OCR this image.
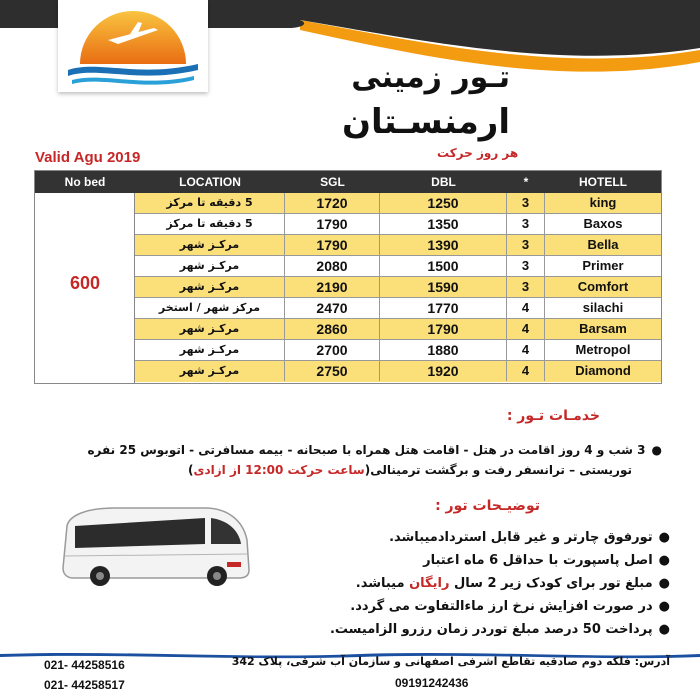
تـور زمینی
ارمنسـتان
هر روز حرکت
Valid Agu 2019
No bed	LOCATION	SGL	DBL	*	HOTELL
600
5 دقیقه تا مرکز	1720	1250	3	king
5 دقیقه تا مرکز	1790	1350	3	Baxos
مرکـز شهر	1790	1390	3	Bella
مرکـز شهر	2080	1500	3	Primer
مرکـز شهر	2190	1590	3	Comfort
مرکز شهر / استخر	2470	1770	4	silachi
مرکـز شهر	2860	1790	4	Barsam
مرکـز شهر	2700	1880	4	Metropol
مرکـز شهر	2750	1920	4	Diamond
خدمـات تـور :
●3 شب و 4 روز اقامت در هتل - اقامت هتل همراه با صبحانه - بیمه مسافرتی - اتوبوس 25 نفره
توریستی – ترانسفر رفت و برگشت ترمینالی(ساعت حرکت 12:00 از ازادی)
توضیـحات تور :
●تورفوق چارتر و غیر قابل استردادمیباشد.
●اصل پاسپورت با حداقل 6 ماه اعتبار
●مبلغ تور برای کودک زیر 2 سال رایگان میباشد.
●در صورت افزایش نرخ ارز ماءالتفاوت می گردد.
●پرداخت 50 درصد مبلغ توردر زمان رزرو الزامیست.
آدرس: فلکه دوم صادقیه تقاطع اشرفی اصفهانی و سازمان آب شرقی، پلاک 342
09191242436
021- 44258516
021- 44258517
